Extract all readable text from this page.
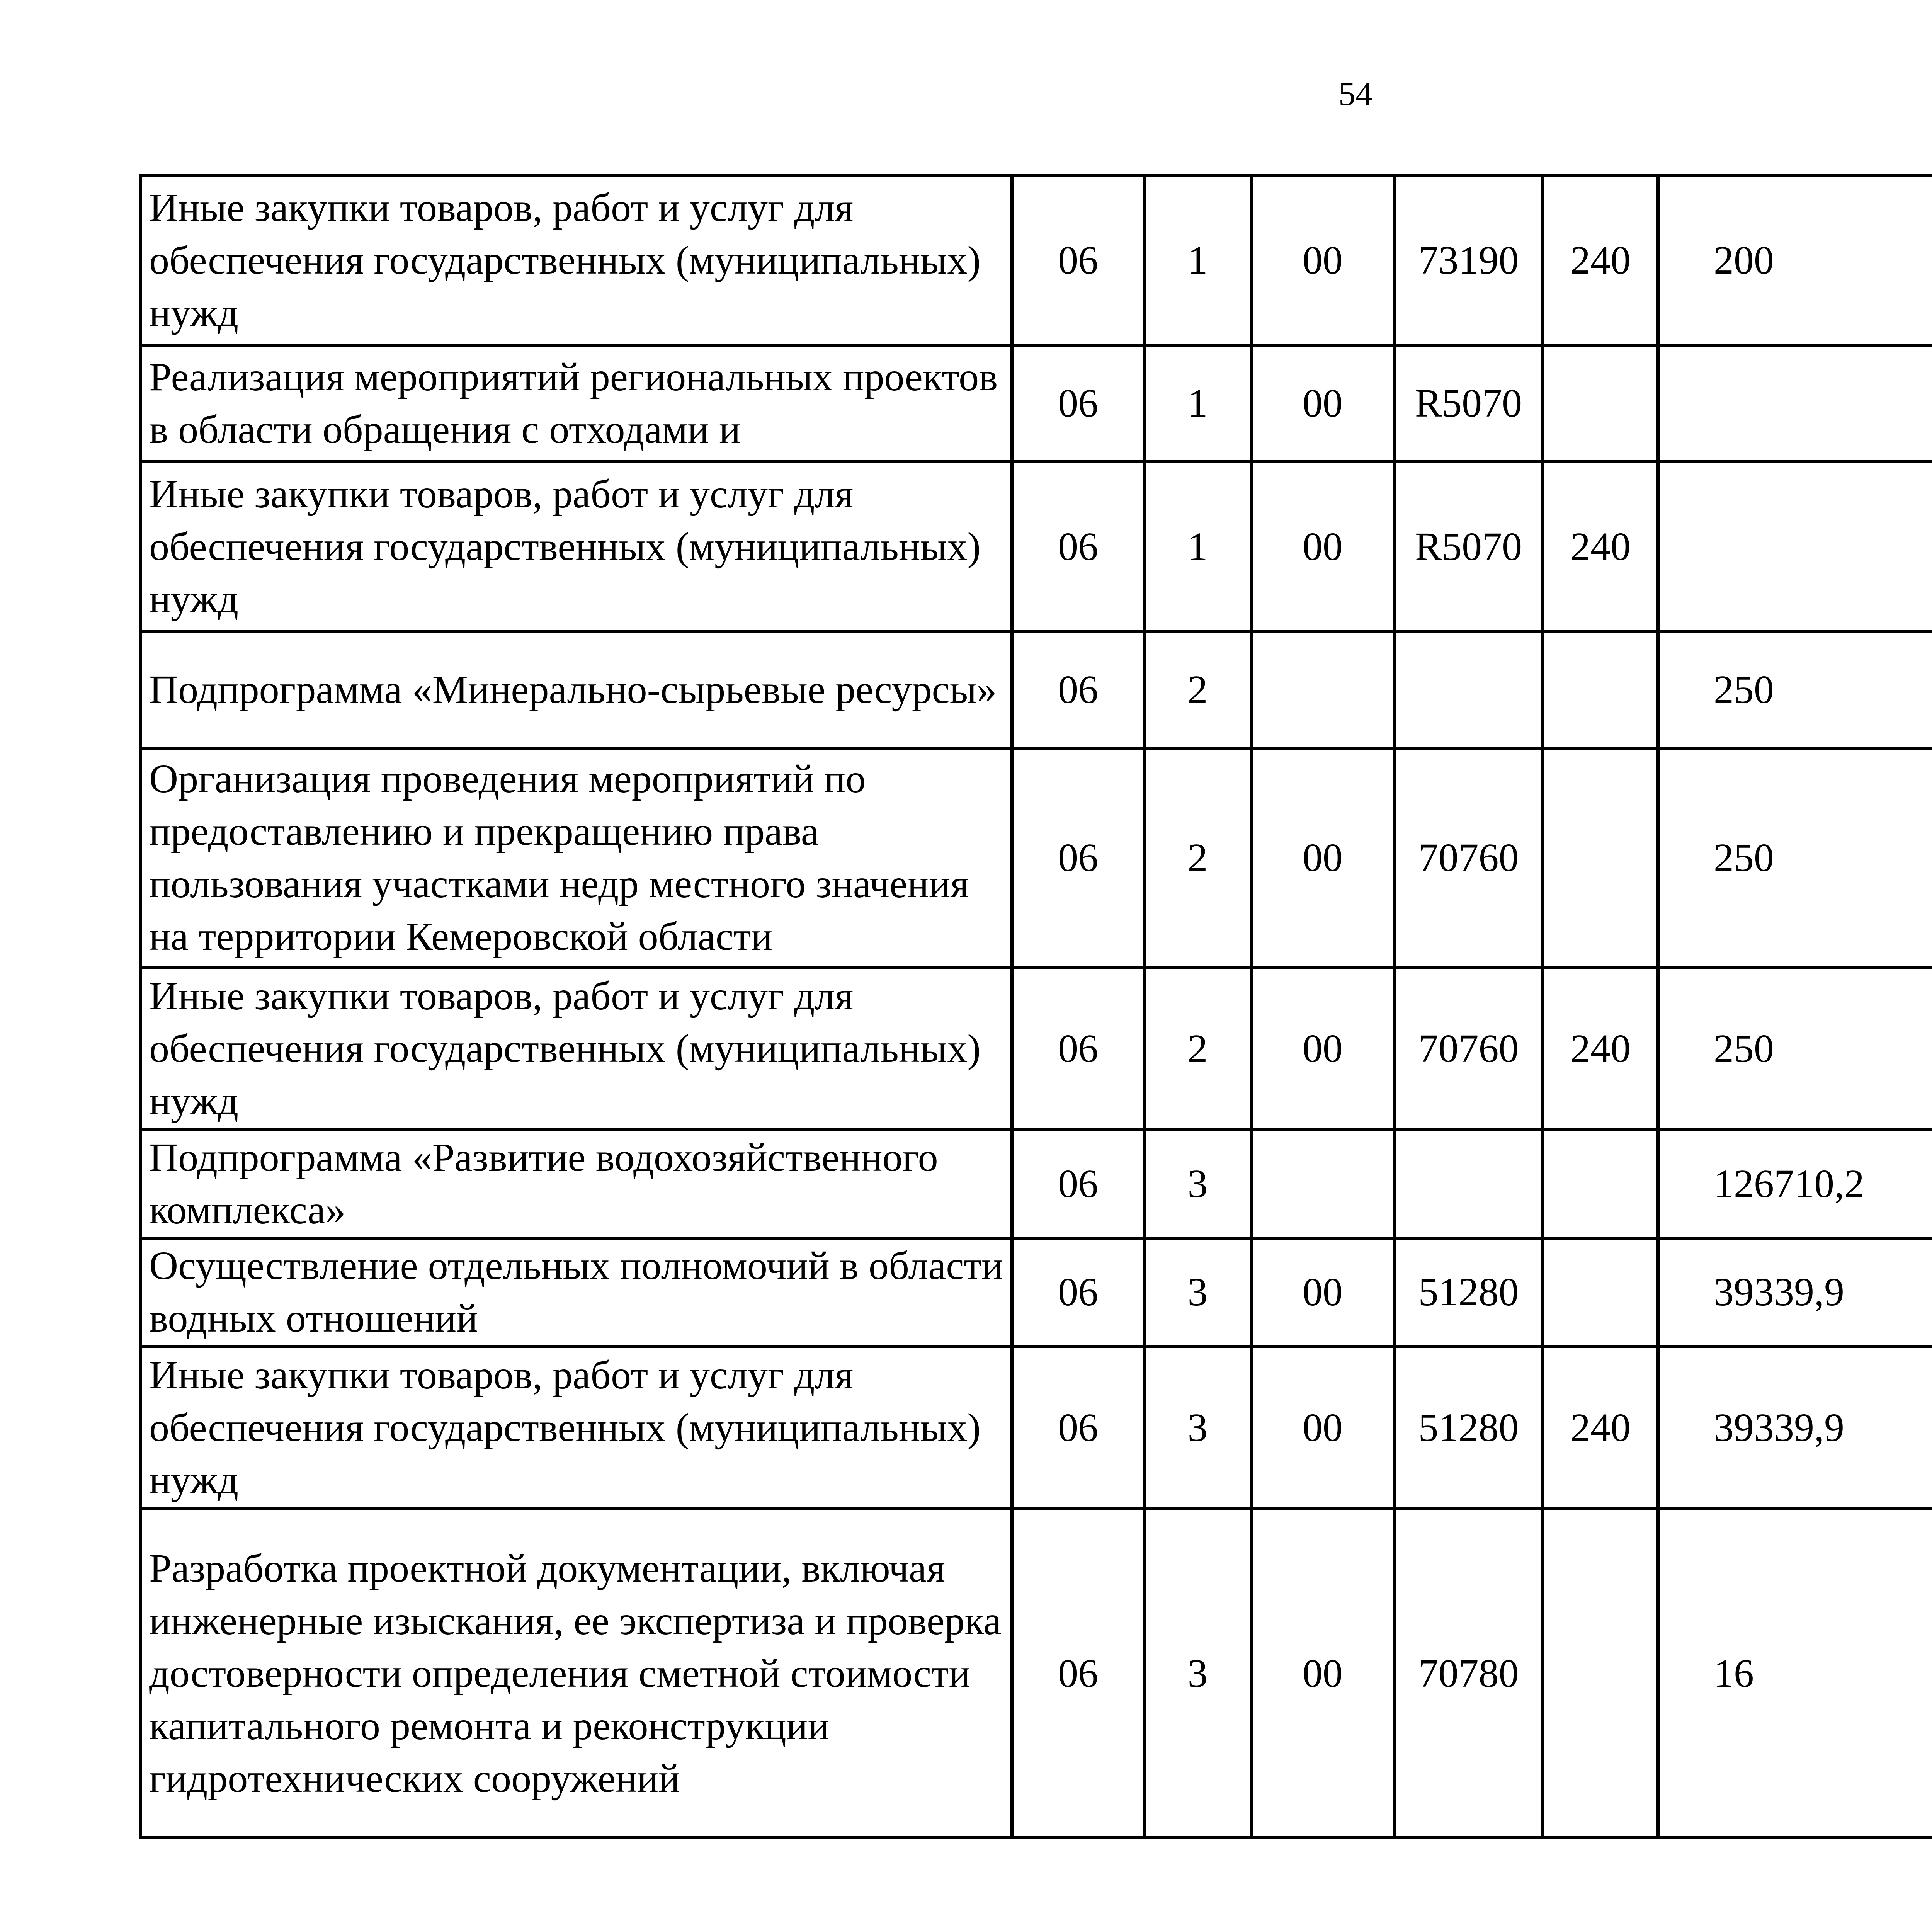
54
Иные закупки товаров, работ и услуг для обеспечения государственных (муниципальных) нужд	06	1	00	73190	240	200		
Реализация мероприятий региональных проектов в области обращения с отходами и	06	1	00	R5070				
Иные закупки товаров, работ и услуг для обеспечения государственных (муниципальных) нужд	06	1	00	R5070	240			
Подпрограмма «Минерально-сырьевые ресурсы»	06	2				250		
Организация проведения мероприятий по предоставлению и прекращению права пользования участками недр местного значения на территории Кемеровской области	06	2	00	70760		250		
Иные закупки товаров, работ и услуг для обеспечения государственных (муниципальных) нужд	06	2	00	70760	240	250		
Подпрограмма «Развитие водохозяйственного комплекса»	06	3				126710,2		
Осуществление отдельных полномочий в области водных отношений	06	3	00	51280		39339,9		
Иные закупки товаров, работ и услуг для обеспечения государственных (муниципальных) нужд	06	3	00	51280	240	39339,9		
Разработка проектной документации, включая инженерные изыскания, ее экспертиза и проверка достоверности определения сметной стоимости капитального ремонта и реконструкции гидротехнических сооружений	06	3	00	70780		16		
